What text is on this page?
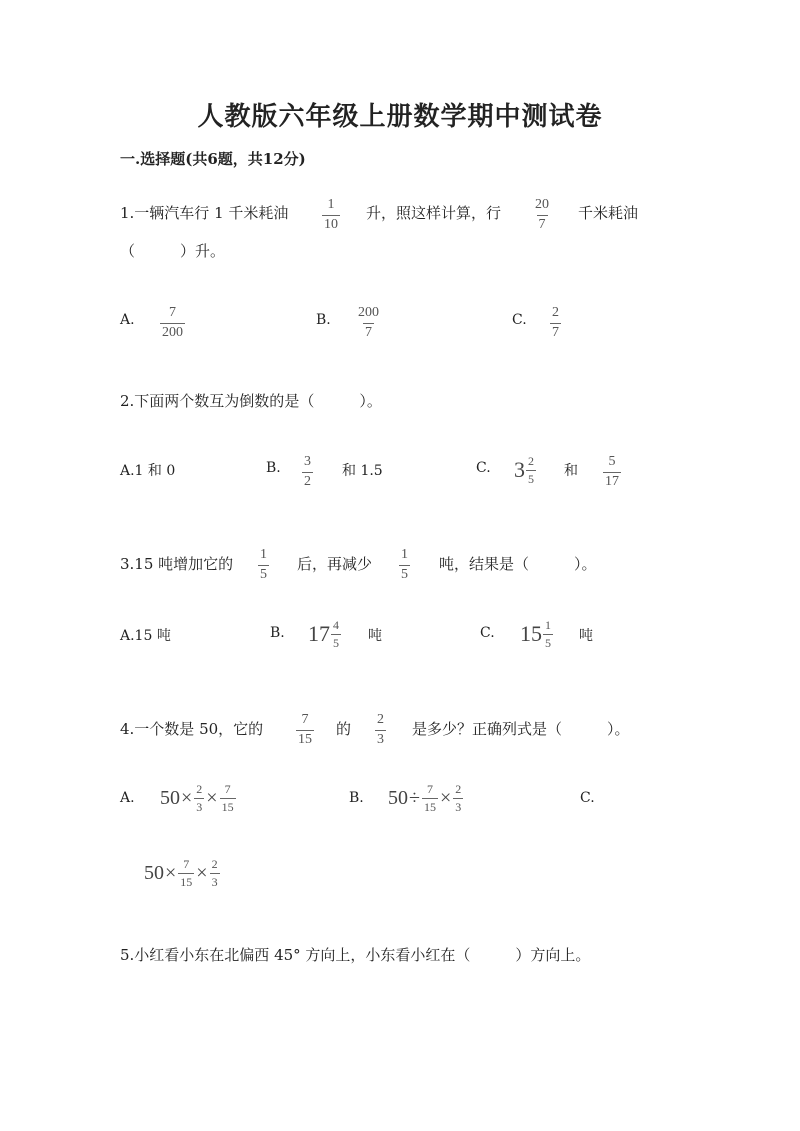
人教版六年级上册数学期中测试卷
一.选择题(共6题，共12分)
1.一辆汽车行 1 千米耗油 $\frac{1}{10}$ 升，照这样计算，行 $\frac{20}{7}$ 千米耗油
（　　　）升。
A. $\frac{7}{200}$	B. $\frac{200}{7}$	C. $\frac{2}{7}$
2.下面两个数互为倒数的是（　　　）。
A.1 和 0	B. $\frac{3}{2}$ 和 1.5	C. $3 \frac{2}{5}$ 和 $\frac{5}{17}$
3.15 吨增加它的 $\frac{1}{5}$ 后，再减少 $\frac{1}{5}$ 吨，结果是（　　　）。
A.15 吨	B. $17 \frac{4}{5}$ 吨	C. $15 \frac{1}{5}$ 吨
4.一个数是 50，它的 $\frac{7}{15}$ 的 $\frac{2}{3}$ 是多少？正确列式是（　　　）。
A. $50 \times \frac{2}{3} \times \frac{7}{15}$	B. $50 \div \frac{7}{15} \times \frac{2}{3}$	C.
$50 \times \frac{7}{15} \times \frac{2}{3}$
5.小红看小东在北偏西 45° 方向上，小东看小红在（　　　）方向上。
